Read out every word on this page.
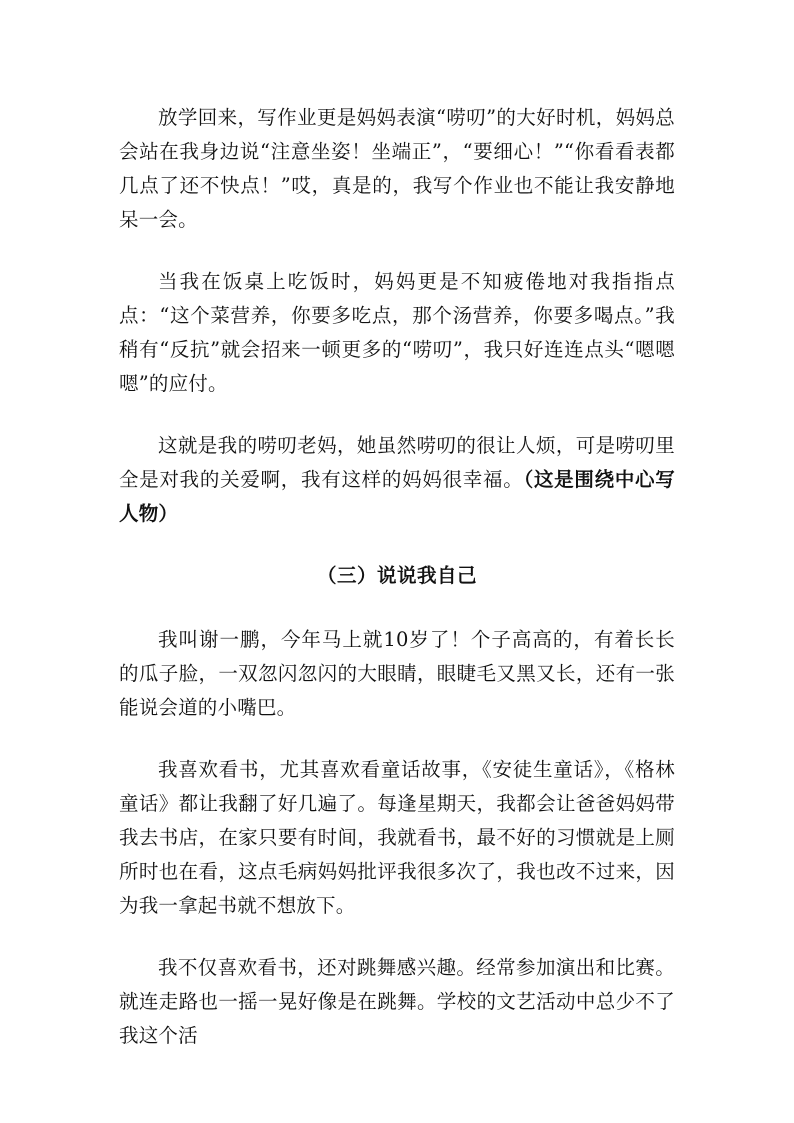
放学回来，写作业更是妈妈表演“唠叨”的大好时机，妈妈总会站在我身边说“注意坐姿！坐端正”，“要细心！”“你看看表都几点了还不快点！”哎，真是的，我写个作业也不能让我安静地呆一会。

当我在饭桌上吃饭时，妈妈更是不知疲倦地对我指指点点：“这个菜营养，你要多吃点，那个汤营养，你要多喝点。”我稍有“反抗”就会招来一顿更多的“唠叨”，我只好连连点头“嗯嗯嗯”的应付。

这就是我的唠叨老妈，她虽然唠叨的很让人烦，可是唠叨里全是对我的关爱啊，我有这样的妈妈很幸福。（这是围绕中心写人物）

（三）说说我自己

我叫谢一鹏，今年马上就10岁了！个子高高的，有着长长的瓜子脸，一双忽闪忽闪的大眼睛，眼睫毛又黑又长，还有一张能说会道的小嘴巴。

我喜欢看书，尤其喜欢看童话故事，《安徒生童话》，《格林童话》都让我翻了好几遍了。每逢星期天，我都会让爸爸妈妈带我去书店，在家只要有时间，我就看书，最不好的习惯就是上厕所时也在看，这点毛病妈妈批评我很多次了，我也改不过来，因为我一拿起书就不想放下。

我不仅喜欢看书，还对跳舞感兴趣。经常参加演出和比赛。就连走路也一摇一晃好像是在跳舞。学校的文艺活动中总少不了我这个活
